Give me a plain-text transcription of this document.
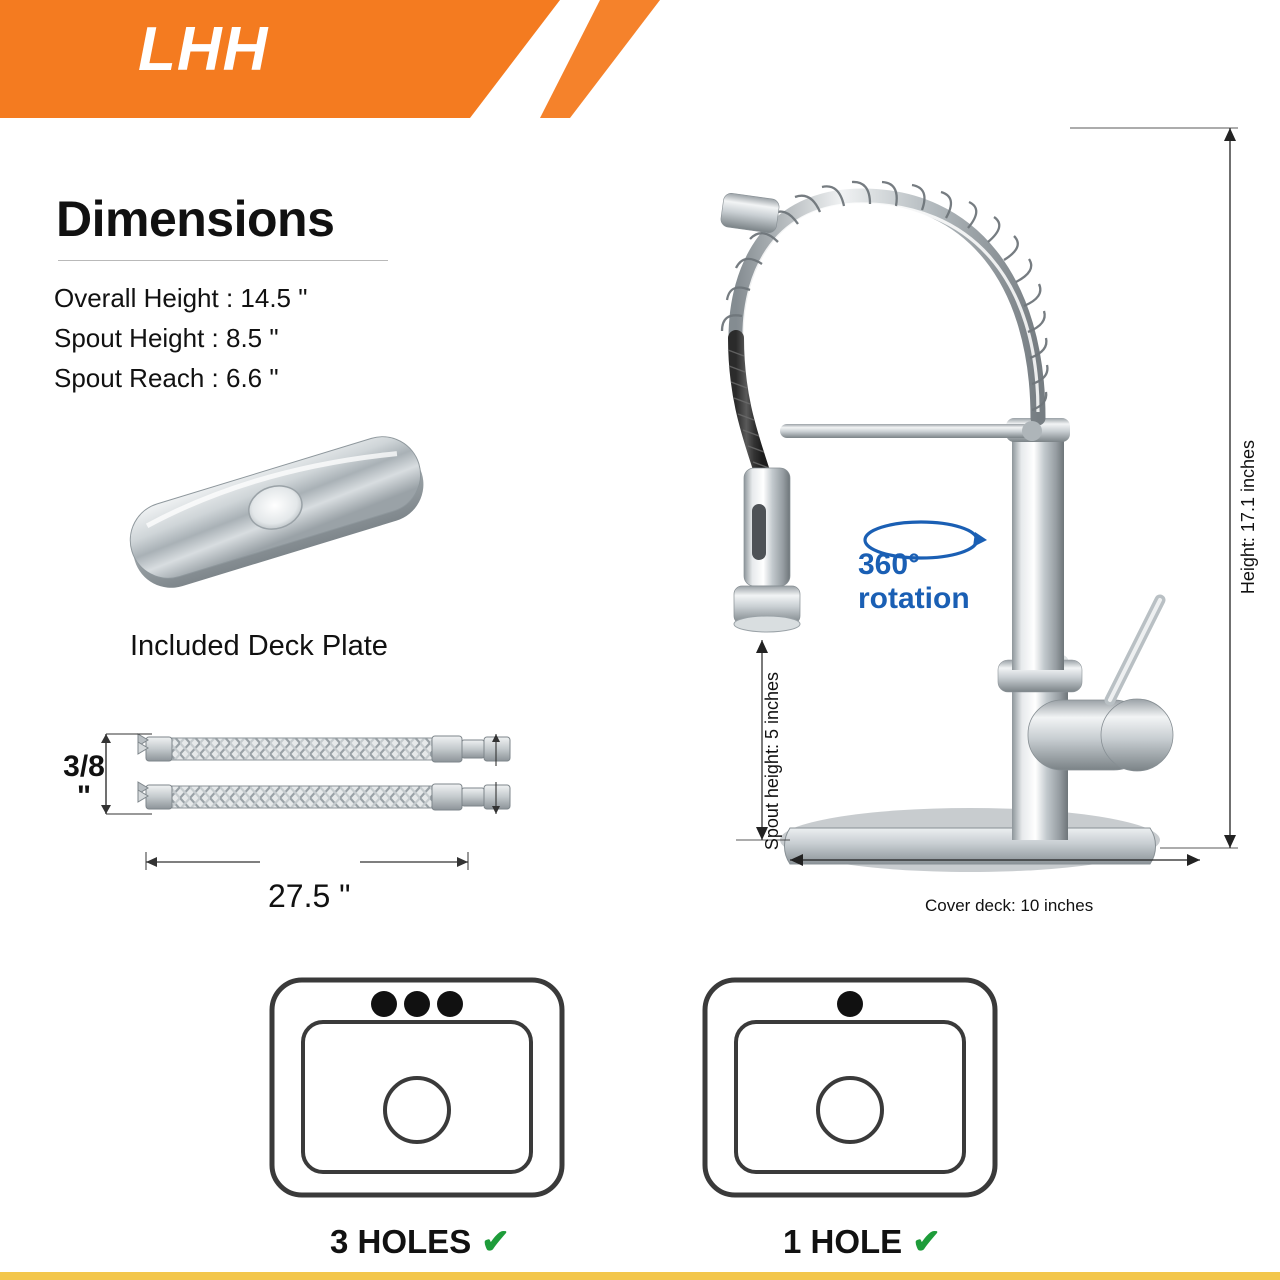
LHH
Dimensions
Overall Height : 14.5 "
Spout Height : 8.5 "
Spout Reach : 6.6 "
Included Deck Plate
3/8 "
27.5 "
360°
rotation
Height: 17.1 inches
Spout height: 5 inches
Cover deck: 10 inches
3 HOLES ✔	1 HOLE ✔
